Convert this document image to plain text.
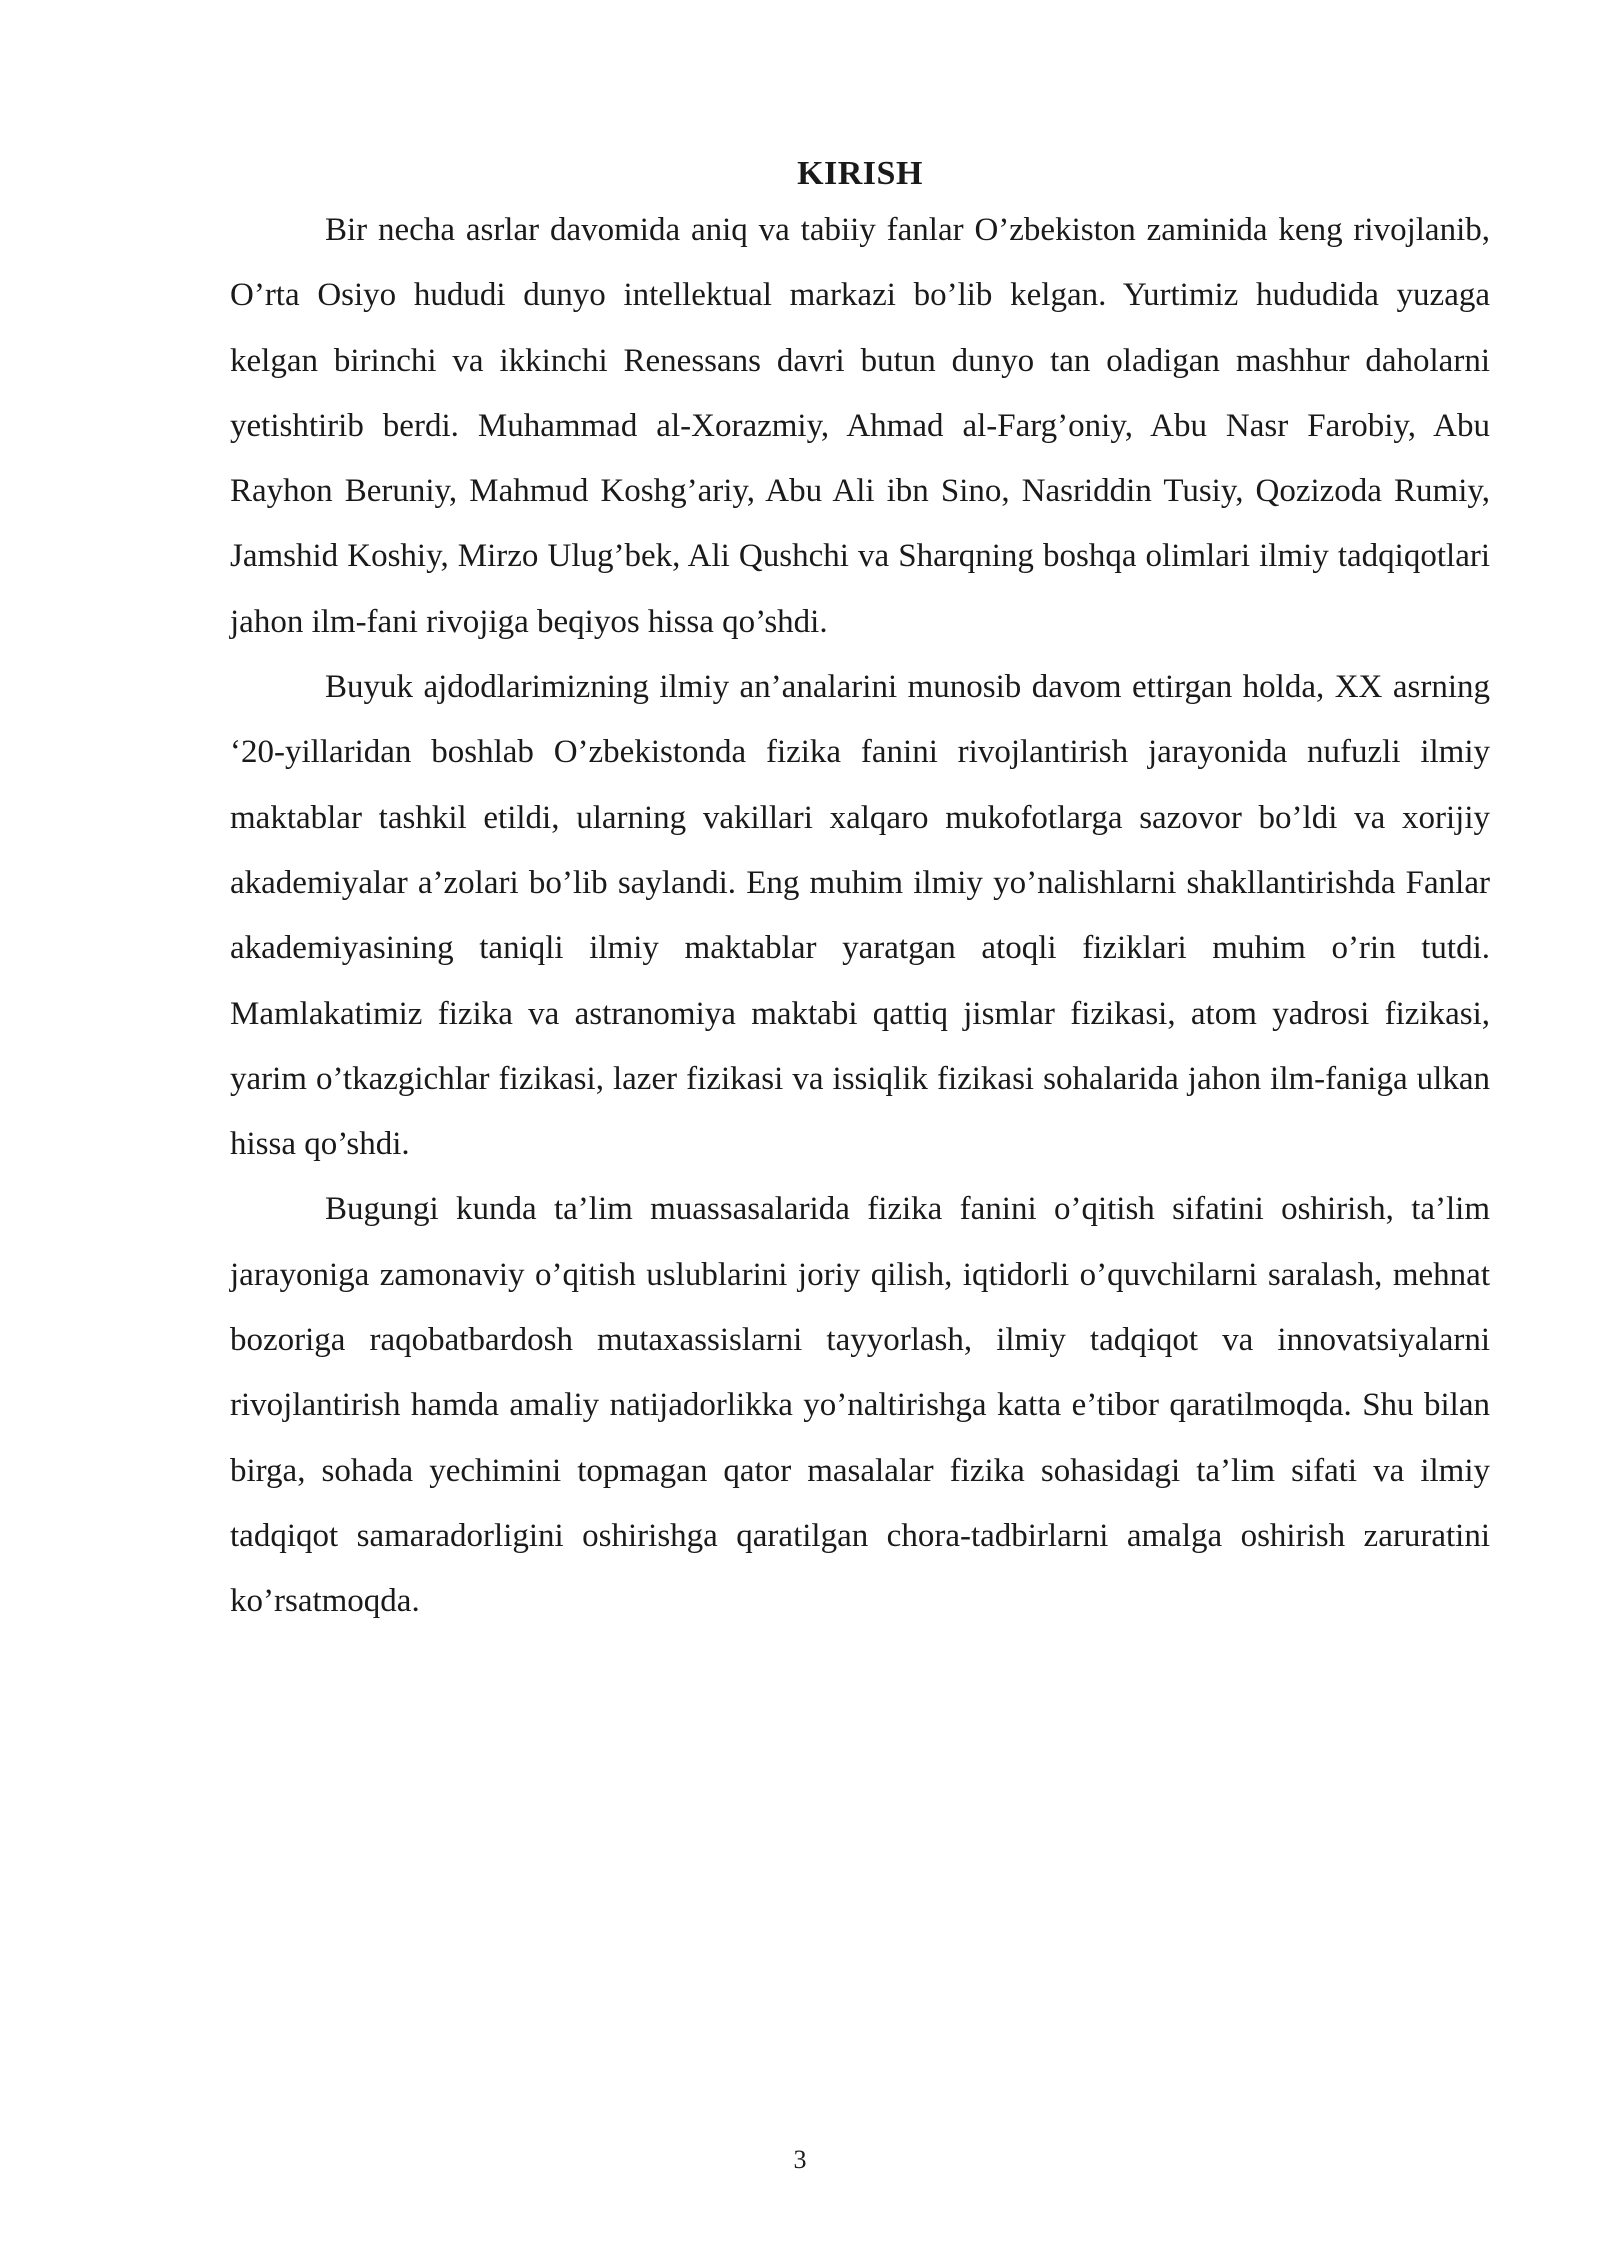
KIRISH

Bir necha asrlar davomida aniq va tabiiy fanlar O’zbekiston zaminida keng rivojlanib, O’rta Osiyo hududi dunyo intellektual markazi bo’lib kelgan. Yurtimiz hududida yuzaga kelgan birinchi va ikkinchi Renessans davri butun dunyo tan oladigan mashhur daholarni yetishtirib berdi. Muhammad al-Xorazmiy, Ahmad al-Farg’oniy, Abu Nasr Farobiy, Abu Rayhon Beruniy, Mahmud Koshg’ariy, Abu Ali ibn Sino, Nasriddin Tusiy, Qozizoda Rumiy, Jamshid Koshiy, Mirzo Ulug’bek, Ali Qushchi va Sharqning boshqa olimlari ilmiy tadqiqotlari jahon ilm-fani rivojiga beqiyos hissa qo’shdi.

Buyuk ajdodlarimizning ilmiy an’analarini munosib davom ettirgan holda, XX asrning ‘20-yillaridan boshlab O’zbekistonda fizika fanini rivojlantirish jarayonida nufuzli ilmiy maktablar tashkil etildi, ularning vakillari xalqaro mukofotlarga sazovor bo’ldi va xorijiy akademiyalar a’zolari bo’lib saylandi. Eng muhim ilmiy yo’nalishlarni shakllantirishda Fanlar akademiyasining taniqli ilmiy maktablar yaratgan atoqli fiziklari muhim o’rin tutdi. Mamlakatimiz fizika va astranomiya maktabi qattiq jismlar fizikasi, atom yadrosi fizikasi, yarim o’tkazgichlar fizikasi, lazer fizikasi va issiqlik fizikasi sohalarida jahon ilm-faniga ulkan hissa qo’shdi.

Bugungi kunda ta’lim muassasalarida fizika fanini o’qitish sifatini oshirish, ta’lim jarayoniga zamonaviy o’qitish uslublarini joriy qilish, iqtidorli o’quvchilarni saralash, mehnat bozoriga raqobatbardosh mutaxassislarni tayyorlash, ilmiy tadqiqot va innovatsiyalarni rivojlantirish hamda amaliy natijadorlikka yo’naltirishga katta e’tibor qaratilmoqda. Shu bilan birga, sohada yechimini topmagan qator masalalar fizika sohasidagi ta’lim sifati va ilmiy tadqiqot samaradorligini oshirishga qaratilgan chora-tadbirlarni amalga oshirish zaruratini ko’rsatmoqda.

3
